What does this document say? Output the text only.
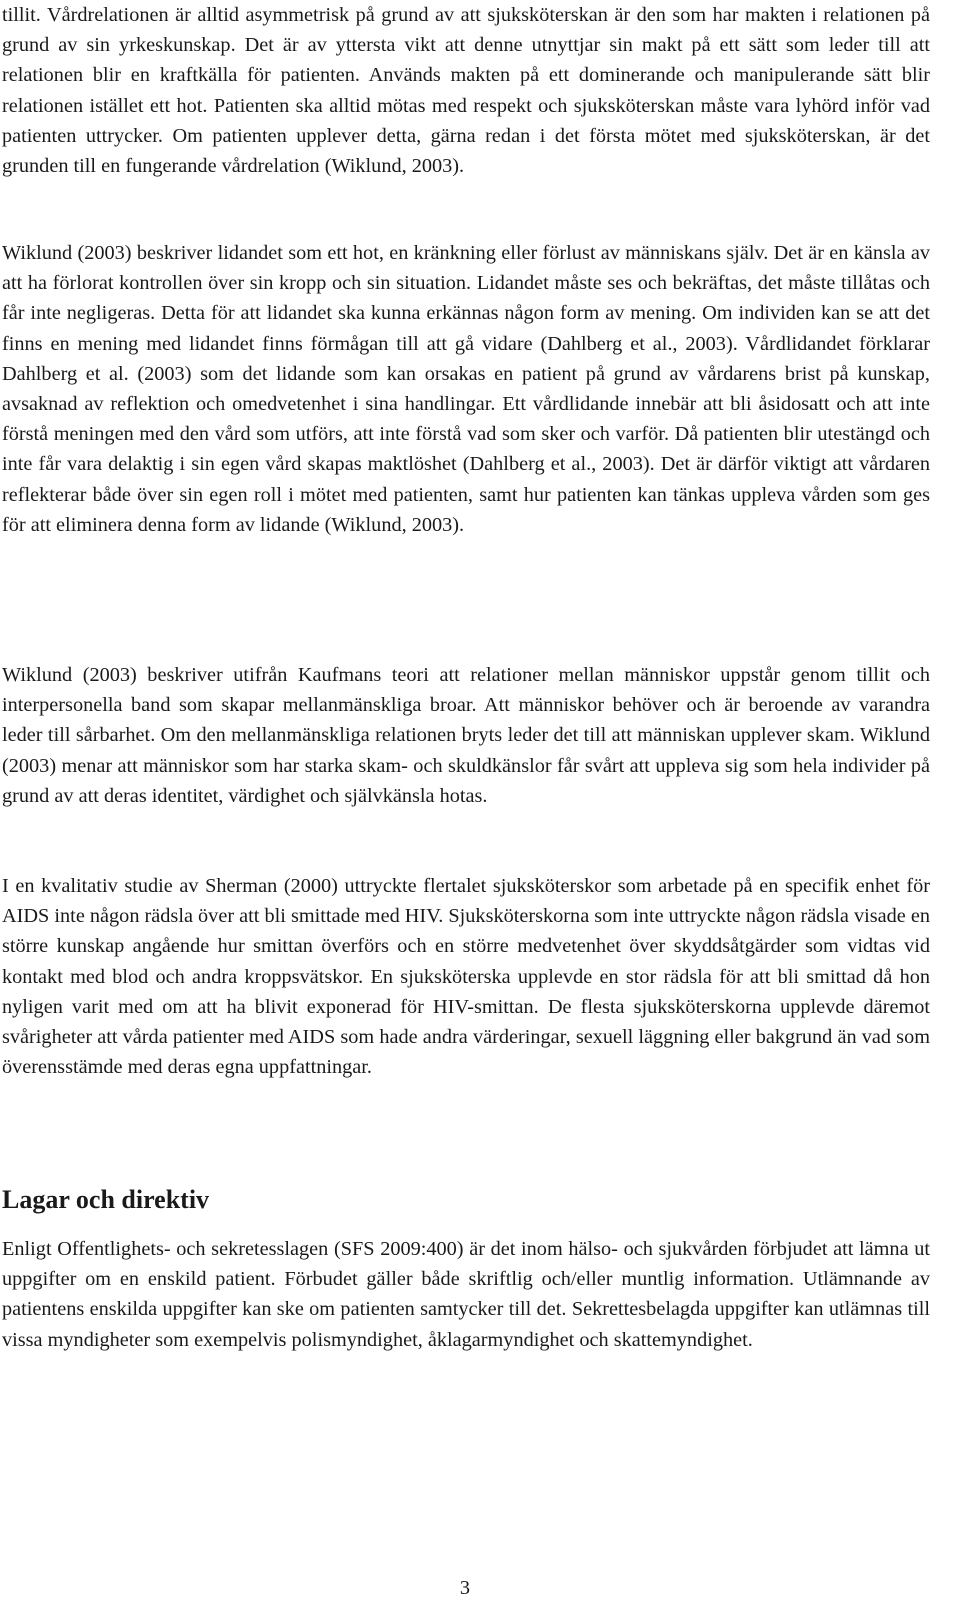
tillit. Vårdrelationen är alltid asymmetrisk på grund av att sjuksköterskan är den som har makten i relationen på grund av sin yrkeskunskap. Det är av yttersta vikt att denne utnyttjar sin makt på ett sätt som leder till att relationen blir en kraftkälla för patienten. Används makten på ett dominerande och manipulerande sätt blir relationen istället ett hot. Patienten ska alltid mötas med respekt och sjuksköterskan måste vara lyhörd inför vad patienten uttrycker. Om patienten upplever detta, gärna redan i det första mötet med sjuksköterskan, är det grunden till en fungerande vårdrelation (Wiklund, 2003).

Wiklund (2003) beskriver lidandet som ett hot, en kränkning eller förlust av människans själv. Det är en känsla av att ha förlorat kontrollen över sin kropp och sin situation. Lidandet måste ses och bekräftas, det måste tillåtas och får inte negligeras. Detta för att lidandet ska kunna erkännas någon form av mening. Om individen kan se att det finns en mening med lidandet finns förmågan till att gå vidare (Dahlberg et al., 2003). Vårdlidandet förklarar Dahlberg et al. (2003) som det lidande som kan orsakas en patient på grund av vårdarens brist på kunskap, avsaknad av reflektion och omedvetenhet i sina handlingar. Ett vårdlidande innebär att bli åsidosatt och att inte förstå meningen med den vård som utförs, att inte förstå vad som sker och varför. Då patienten blir utestängd och inte får vara delaktig i sin egen vård skapas maktlöshet (Dahlberg et al., 2003). Det är därför viktigt att vårdaren reflekterar både över sin egen roll i mötet med patienten, samt hur patienten kan tänkas uppleva vården som ges för att eliminera denna form av lidande (Wiklund, 2003).

Wiklund (2003) beskriver utifrån Kaufmans teori att relationer mellan människor uppstår genom tillit och interpersonella band som skapar mellanmänskliga broar. Att människor behöver och är beroende av varandra leder till sårbarhet. Om den mellanmänskliga relationen bryts leder det till att människan upplever skam. Wiklund (2003) menar att människor som har starka skam- och skuldkänslor får svårt att uppleva sig som hela individer på grund av att deras identitet, värdighet och självkänsla hotas.

I en kvalitativ studie av Sherman (2000) uttryckte flertalet sjuksköterskor som arbetade på en specifik enhet för AIDS inte någon rädsla över att bli smittade med HIV. Sjuksköterskorna som inte uttryckte någon rädsla visade en större kunskap angående hur smittan överförs och en större medvetenhet över skyddsåtgärder som vidtas vid kontakt med blod och andra kroppsvätskor. En sjuksköterska upplevde en stor rädsla för att bli smittad då hon nyligen varit med om att ha blivit exponerad för HIV-smittan. De flesta sjuksköterskorna upplevde däremot svårigheter att vårda patienter med AIDS som hade andra värderingar, sexuell läggning eller bakgrund än vad som överensstämde med deras egna uppfattningar.

Lagar och direktiv

Enligt Offentlighets- och sekretesslagen (SFS 2009:400) är det inom hälso- och sjukvården förbjudet att lämna ut uppgifter om en enskild patient. Förbudet gäller både skriftlig och/eller muntlig information. Utlämnande av patientens enskilda uppgifter kan ske om patienten samtycker till det. Sekrettesbelagda uppgifter kan utlämnas till vissa myndigheter som exempelvis polismyndighet, åklagarmyndighet och skattemyndighet.

3
